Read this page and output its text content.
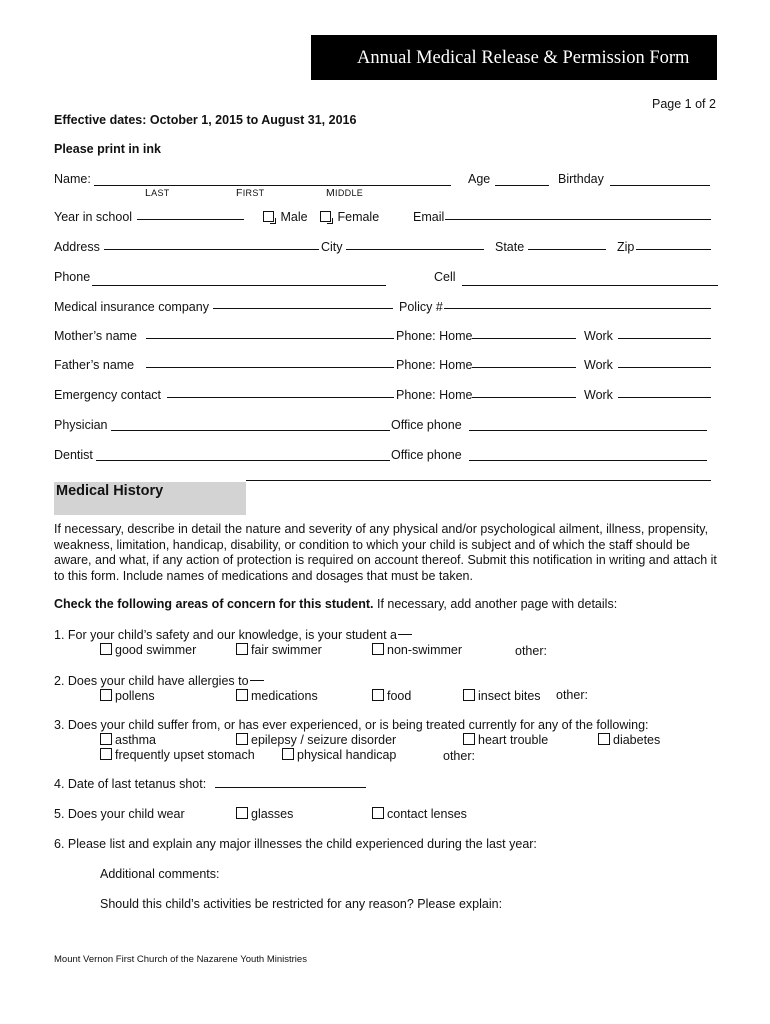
Annual Medical Release & Permission Form
Page 1 of 2
Effective dates: October 1, 2015 to August 31, 2016
Please print in ink
Name:
LAST	FIRST	MIDDLE
Age	Birthday
Year in school	Male	Female	Email
Address	City	State	Zip
Phone	Cell
Medical insurance company	Policy #
Mother’s name	Phone: Home	Work
Father’s name	Phone: Home	Work
Emergency contact	Phone: Home	Work
Physician	Office phone
Dentist	Office phone
Medical History
If necessary, describe in detail the nature and severity of any physical and/or psychological ailment, illness, propensity, weakness, limitation, handicap, disability, or condition to which your child is subject and of which the staff should be aware, and what, if any action of protection is required on account thereof. Submit this notification in writing and attach it to this form. Include names of medications and dosages that must be taken.
Check the following areas of concern for this student. If necessary, add another page with details:
1. For your child’s safety and our knowledge, is your student a
good swimmer	fair swimmer	non-swimmer	other:
2. Does your child have allergies to
pollens	medications	food	insect bites other:
3. Does your child suffer from, or has ever experienced, or is being treated currently for any of the following:
asthma	epilepsy / seizure disorder	heart trouble	diabetes
frequently upset stomach	physical handicap	other:
4. Date of last tetanus shot:
5. Does your child wear	glasses	contact lenses
6. Please list and explain any major illnesses the child experienced during the last year:
Additional comments:
Should this child’s activities be restricted for any reason? Please explain:
Mount Vernon First Church of the Nazarene Youth Ministries
